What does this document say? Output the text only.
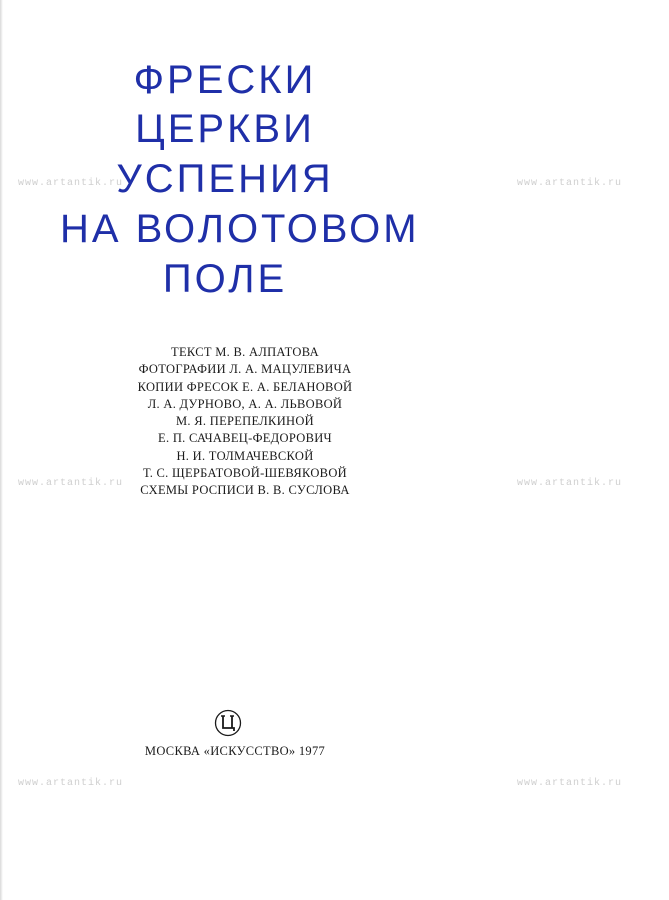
www.artantik.ru	www.artantik.ru
www.artantik.ru	www.artantik.ru
www.artantik.ru	www.artantik.ru
ФРЕСКИ
ЦЕРКВИ
УСПЕНИЯ
НА ВОЛОТОВОМ
ПОЛЕ
ТЕКСТ М. В. АЛПАТОВА
ФОТОГРАФИИ Л. А. МАЦУЛЕВИЧА
КОПИИ ФРЕСОК Е. А. БЕЛАНОВОЙ
Л. А. ДУРНОВО, А. А. ЛЬВОВОЙ
М. Я. ПЕРЕПЕЛКИНОЙ
Е. П. САЧАВЕЦ-ФЕДОРОВИЧ
Н. И. ТОЛМАЧЕВСКОЙ
Т. С. ЩЕРБАТОВОЙ-ШЕВЯКОВОЙ
СХЕМЫ РОСПИСИ В. В. СУСЛОВА
МОСКВА «ИСКУССТВО» 1977
